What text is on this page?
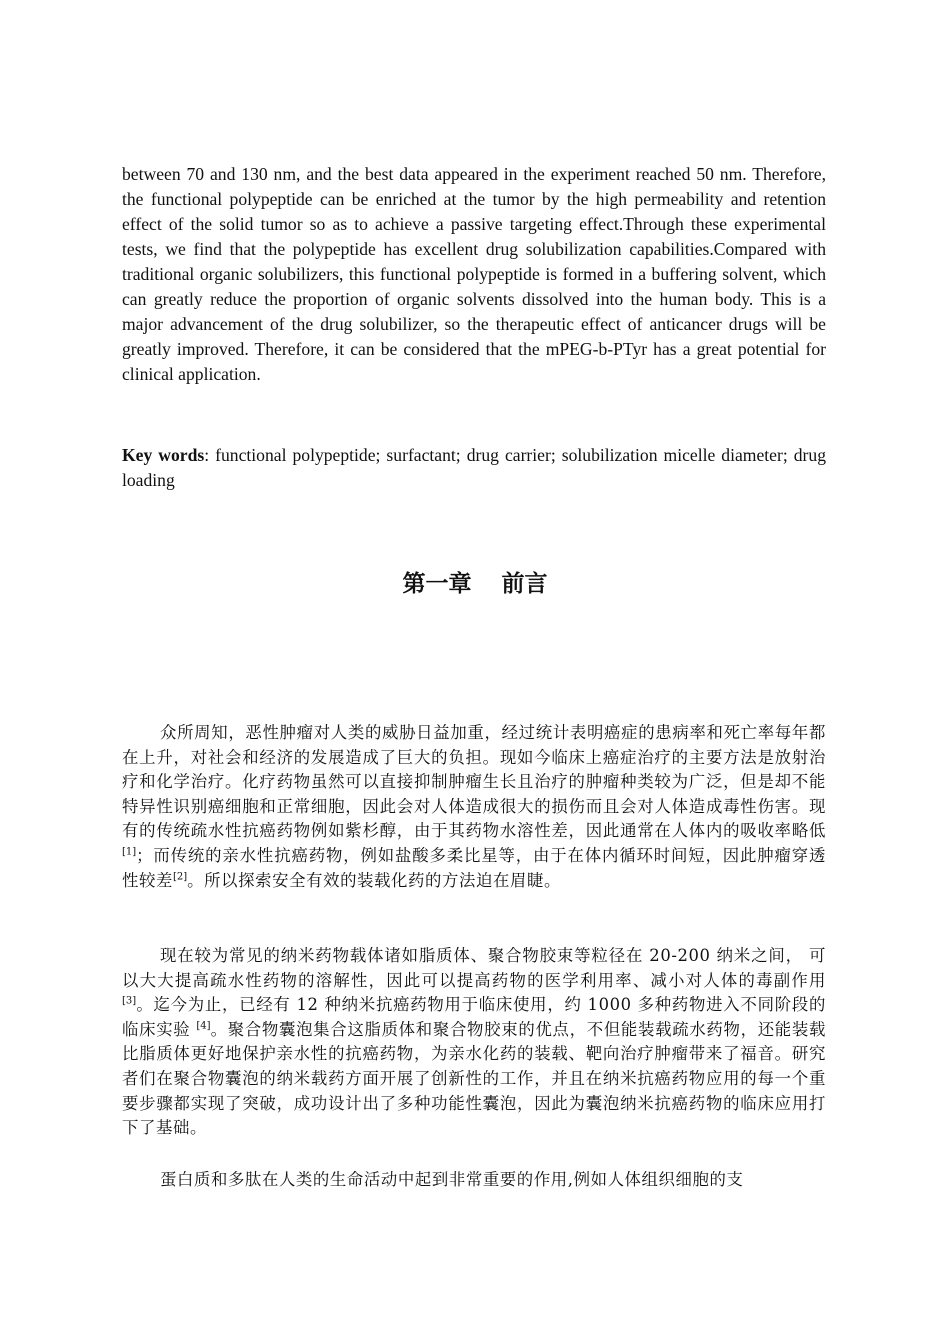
between 70 and 130 nm, and the best data appeared in the experiment reached 50 nm. Therefore, the functional polypeptide can be enriched at the tumor by the high permeability and retention effect of the solid tumor so as to achieve a passive targeting effect.Through these experimental tests, we find that the polypeptide has excellent drug solubilization capabilities.Compared with traditional organic solubilizers, this functional polypeptide is formed in a buffering solvent, which can greatly reduce the proportion of organic solvents dissolved into the human body. This is a major advancement of the drug solubilizer, so the therapeutic effect of anticancer drugs will be greatly improved. Therefore, it can be considered that the mPEG-b-PTyr has a great potential for clinical application.

Key words: functional polypeptide; surfactant; drug carrier; solubilization micelle diameter; drug loading

第一章 前言

众所周知，恶性肿瘤对人类的威胁日益加重，经过统计表明癌症的患病率和死亡率每年都在上升，对社会和经济的发展造成了巨大的负担。现如今临床上癌症治疗的主要方法是放射治疗和化学治疗。化疗药物虽然可以直接抑制肿瘤生长且治疗的肿瘤种类较为广泛，但是却不能特异性识别癌细胞和正常细胞，因此会对人体造成很大的损伤而且会对人体造成毒性伤害。现有的传统疏水性抗癌药物例如紫杉醇，由于其药物水溶性差，因此通常在人体内的吸收率略低[1]；而传统的亲水性抗癌药物，例如盐酸多柔比星等，由于在体内循环时间短，因此肿瘤穿透性较差[2]。所以探索安全有效的装载化药的方法迫在眉睫。

现在较为常见的纳米药物载体诸如脂质体、聚合物胶束等粒径在 20-200 纳米之间， 可以大大提高疏水性药物的溶解性，因此可以提高药物的医学利用率、减小对人体的毒副作用[3]。迄今为止，已经有 12 种纳米抗癌药物用于临床使用，约 1000 多种药物进入不同阶段的临床实验 [4]。聚合物囊泡集合这脂质体和聚合物胶束的优点，不但能装载疏水药物，还能装载比脂质体更好地保护亲水性的抗癌药物，为亲水化药的装载、靶向治疗肿瘤带来了福音。研究者们在聚合物囊泡的纳米载药方面开展了创新性的工作，并且在纳米抗癌药物应用的每一个重要步骤都实现了突破，成功设计出了多种功能性囊泡，因此为囊泡纳米抗癌药物的临床应用打下了基础。

蛋白质和多肽在人类的生命活动中起到非常重要的作用,例如人体组织细胞的支
